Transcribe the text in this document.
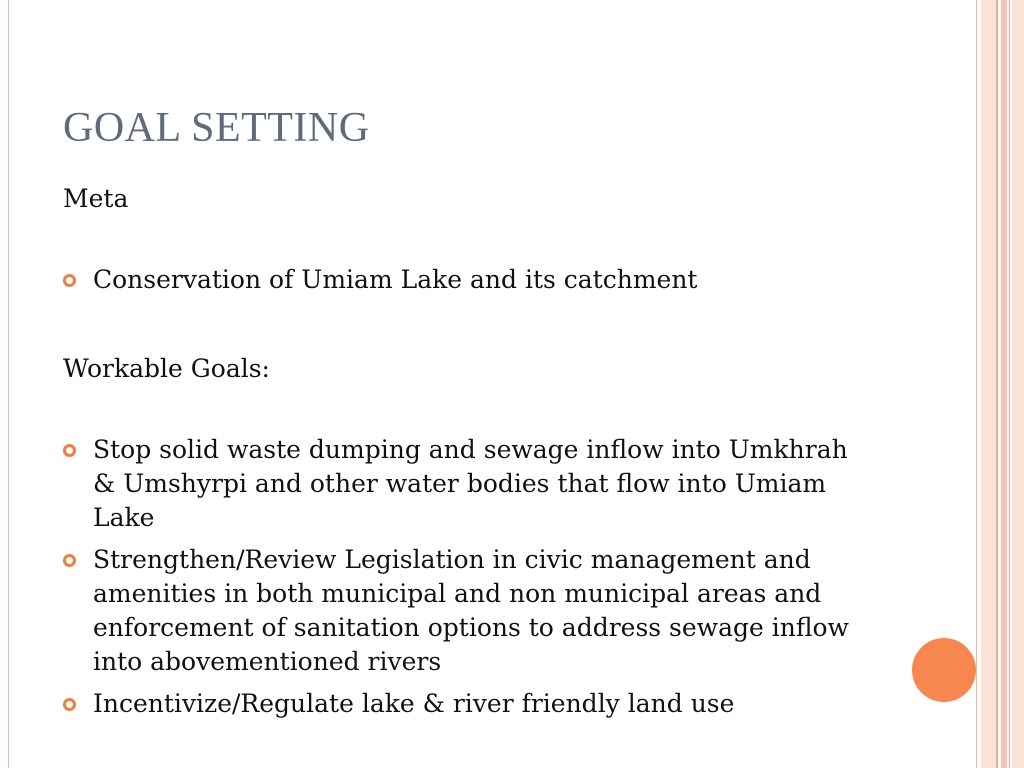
GOAL SETTING

Meta

Conservation of Umiam Lake and its catchment

Workable Goals:

Stop solid waste dumping and sewage inflow into Umkhrah & Umshyrpi and other water bodies that flow into Umiam Lake
Strengthen/Review Legislation in civic management and amenities in both municipal and non municipal areas and enforcement of sanitation options to address sewage inflow into abovementioned rivers
Incentivize/Regulate lake & river friendly land use
